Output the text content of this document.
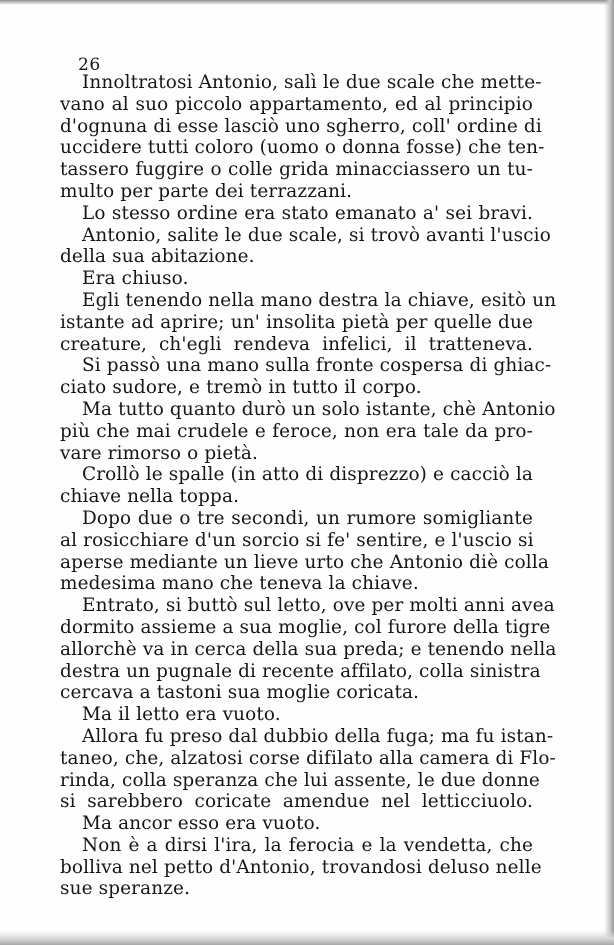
26
Innoltratosi Antonio, salì le due scale che mette-
vano al suo piccolo appartamento, ed al principio
d'ognuna di esse lasciò uno sgherro, coll' ordine di
uccidere tutti coloro (uomo o donna fosse) che ten-
tassero fuggire o colle grida minacciassero un tu-
multo per parte dei terrazzani.
Lo stesso ordine era stato emanato a' sei bravi.
Antonio, salite le due scale, si trovò avanti l'uscio
della sua abitazione.
Era chiuso.
Egli tenendo nella mano destra la chiave, esitò un
istante ad aprire; un' insolita pietà per quelle due
creature, ch'egli rendeva infelici, il tratteneva.
Si passò una mano sulla fronte cospersa di ghiac-
ciato sudore, e tremò in tutto il corpo.
Ma tutto quanto durò un solo istante, chè Antonio
più che mai crudele e feroce, non era tale da pro-
vare rimorso o pietà.
Crollò le spalle (in atto di disprezzo) e cacciò la
chiave nella toppa.
Dopo due o tre secondi, un rumore somigliante
al rosicchiare d'un sorcio si fe' sentire, e l'uscio si
aperse mediante un lieve urto che Antonio diè colla
medesima mano che teneva la chiave.
Entrato, si buttò sul letto, ove per molti anni avea
dormito assieme a sua moglie, col furore della tigre
allorchè va in cerca della sua preda; e tenendo nella
destra un pugnale di recente affilato, colla sinistra
cercava a tastoni sua moglie coricata.
Ma il letto era vuoto.
Allora fu preso dal dubbio della fuga; ma fu istan-
taneo, che, alzatosi corse difilato alla camera di Flo-
rinda, colla speranza che lui assente, le due donne
si sarebbero coricate amendue nel letticciuolo.
Ma ancor esso era vuoto.
Non è a dirsi l'ira, la ferocia e la vendetta, che
bolliva nel petto d'Antonio, trovandosi deluso nelle
sue speranze.
